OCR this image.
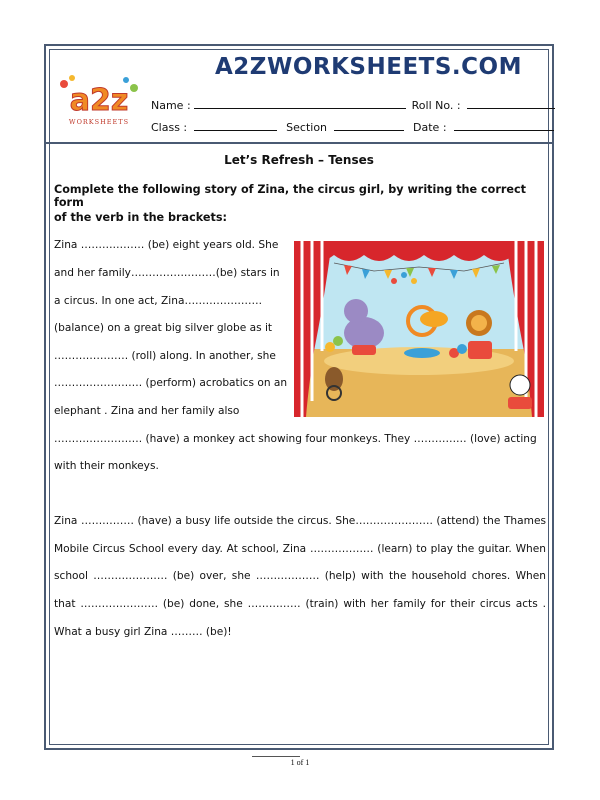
a2z
WORKSHEETS
A2ZWORKSHEETS.COM
Name :	Roll No. :
Class :	Section	Date :
Let’s Refresh – Tenses
Complete the following story of Zina, the circus girl, by writing the correct form
of the verb in the brackets:
Zina ……………… (be) eight years old. She
and her family……………………(be) stars in
a circus. In one act, Zina………………….
(balance) on a great big silver globe as it
………………… (roll) along. In another, she
……………………. (perform) acrobatics on an
elephant . Zina and her family also
……………………. (have) a monkey act showing four monkeys. They …………… (love) acting
with their monkeys.
Zina …………… (have) a busy life outside the circus. She…………………. (attend) the Thames
Mobile Circus School every day. At school, Zina ……………… (learn) to play the guitar. When
school ………………… (be) over, she ……………… (help) with the household chores. When
that …………………. (be) done, she …………… (train) with her family for their circus acts .
What a busy girl Zina ……… (be)!
1 of 1
